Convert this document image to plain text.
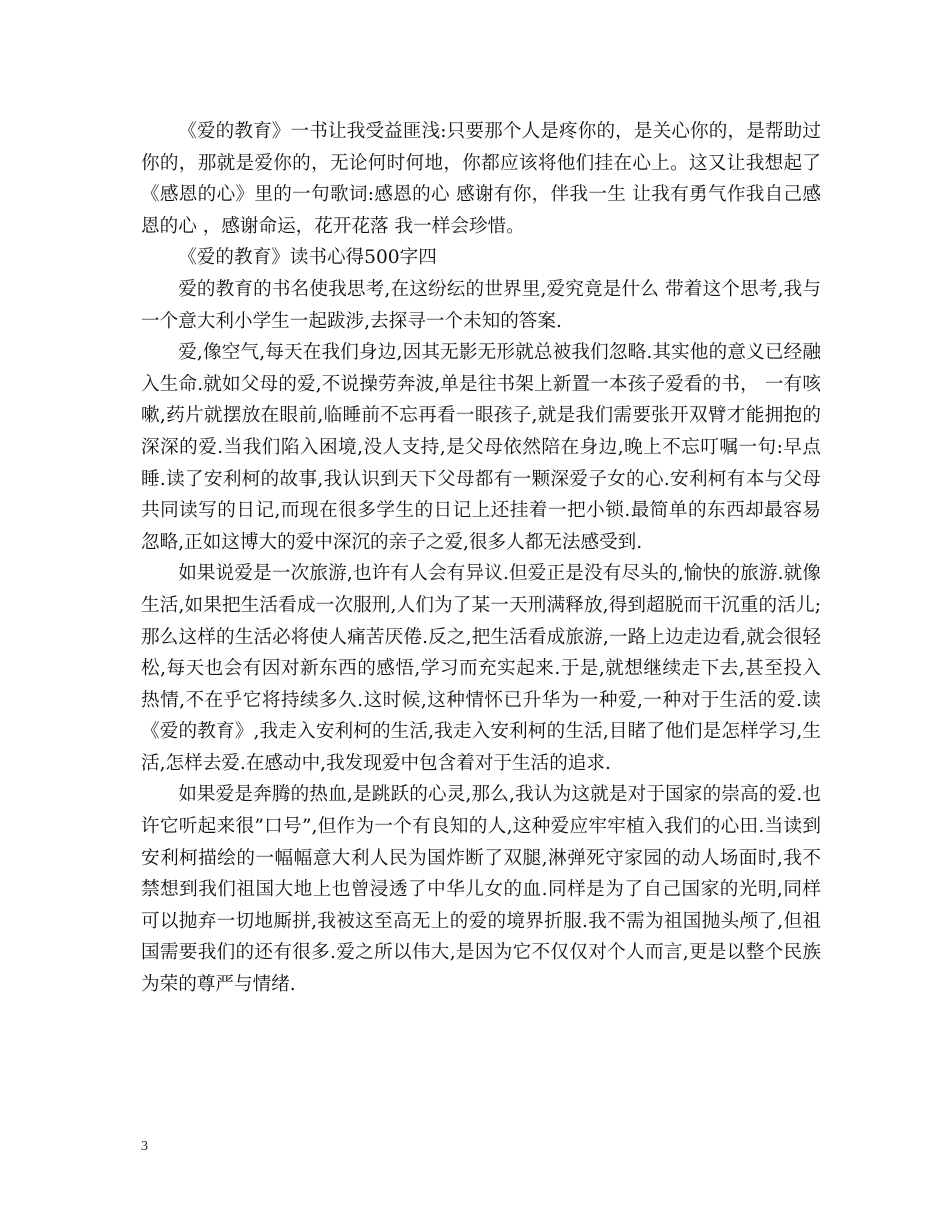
《爱的教育》一书让我受益匪浅:只要那个人是疼你的，是关心你的，是帮助过你的，那就是爱你的，无论何时何地，你都应该将他们挂在心上。这又让我想起了《感恩的心》里的一句歌词:感恩的心 感谢有你，伴我一生 让我有勇气作我自己感恩的心 ，感谢命运，花开花落 我一样会珍惜。

《爱的教育》读书心得500字四

爱的教育的书名使我思考,在这纷纭的世界里,爱究竟是什么 带着这个思考,我与一个意大利小学生一起跋涉,去探寻一个未知的答案.

爱,像空气,每天在我们身边,因其无影无形就总被我们忽略.其实他的意义已经融入生命.就如父母的爱,不说操劳奔波,单是往书架上新置一本孩子爱看的书， 一有咳嗽,药片就摆放在眼前,临睡前不忘再看一眼孩子,就是我们需要张开双臂才能拥抱的深深的爱.当我们陷入困境,没人支持,是父母依然陪在身边,晚上不忘叮嘱一句:早点睡.读了安利柯的故事,我认识到天下父母都有一颗深爱子女的心.安利柯有本与父母共同读写的日记,而现在很多学生的日记上还挂着一把小锁.最简单的东西却最容易忽略,正如这博大的爱中深沉的亲子之爱,很多人都无法感受到.

如果说爱是一次旅游,也许有人会有异议.但爱正是没有尽头的,愉快的旅游.就像生活,如果把生活看成一次服刑,人们为了某一天刑满释放,得到超脱而干沉重的活儿;那么这样的生活必将使人痛苦厌倦.反之,把生活看成旅游,一路上边走边看,就会很轻松,每天也会有因对新东西的感悟,学习而充实起来.于是,就想继续走下去,甚至投入热情,不在乎它将持续多久.这时候,这种情怀已升华为一种爱,一种对于生活的爱.读《爱的教育》,我走入安利柯的生活,我走入安利柯的生活,目睹了他们是怎样学习,生活,怎样去爱.在感动中,我发现爱中包含着对于生活的追求.

如果爱是奔腾的热血,是跳跃的心灵,那么,我认为这就是对于国家的崇高的爱.也许它听起来很”口号”,但作为一个有良知的人,这种爱应牢牢植入我们的心田.当读到安利柯描绘的一幅幅意大利人民为国炸断了双腿,淋弹死守家园的动人场面时,我不禁想到我们祖国大地上也曾浸透了中华儿女的血.同样是为了自己国家的光明,同样可以抛弃一切地厮拼,我被这至高无上的爱的境界折服.我不需为祖国抛头颅了,但祖国需要我们的还有很多.爱之所以伟大,是因为它不仅仅对个人而言,更是以整个民族为荣的尊严与情绪.

3
